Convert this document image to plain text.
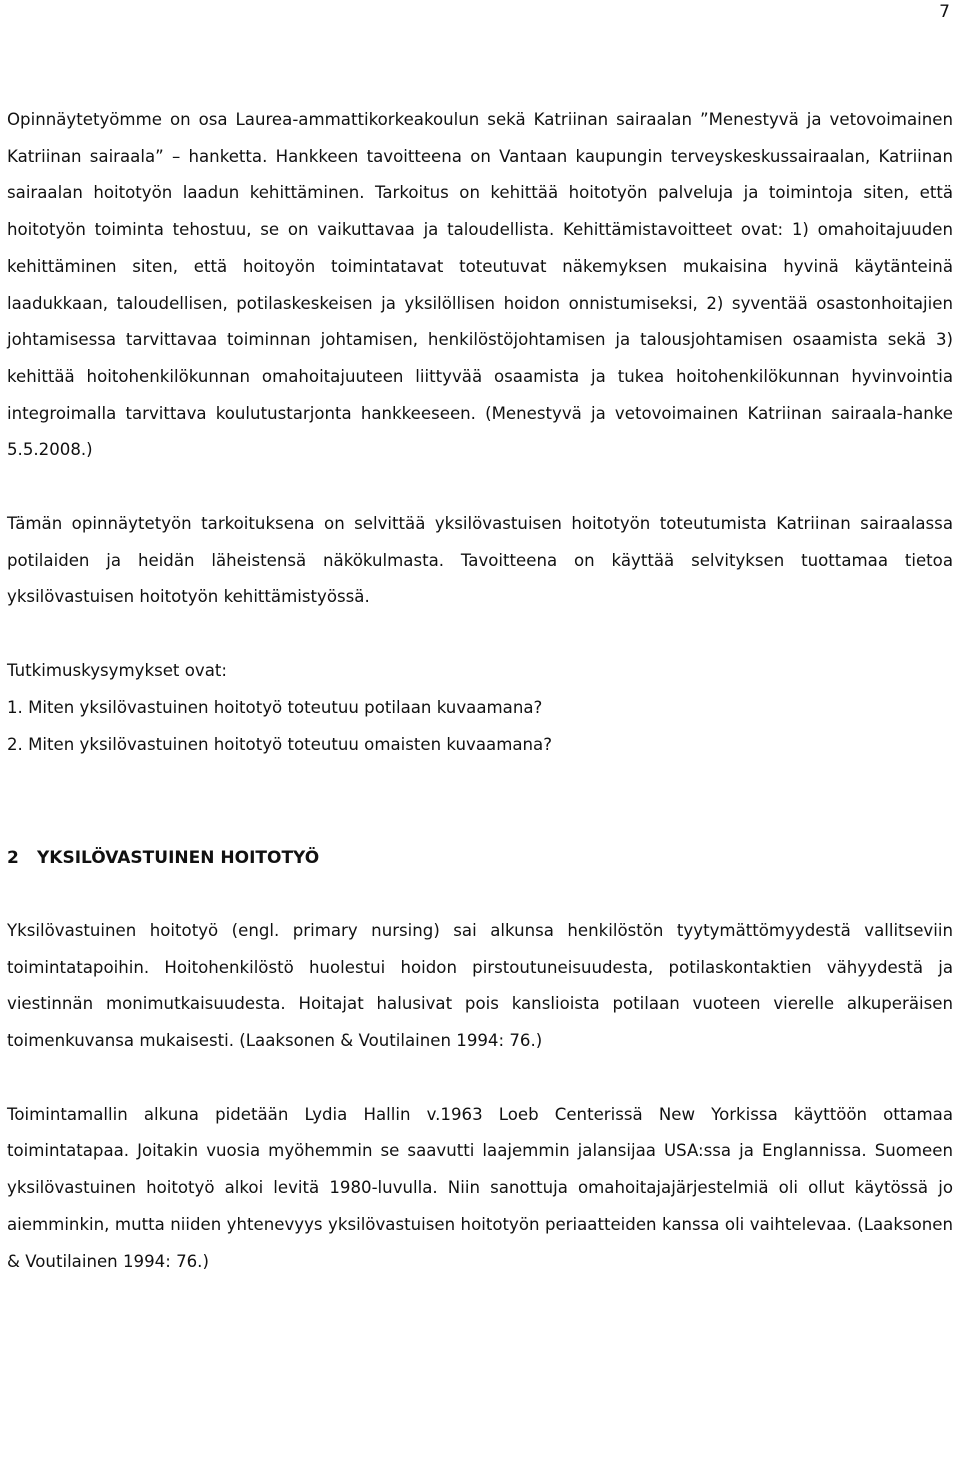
7

Opinnäytetyömme on osa Laurea-ammattikorkeakoulun sekä Katriinan sairaalan ”Menestyvä ja vetovoimainen Katriinan sairaala” – hanketta. Hankkeen tavoitteena on Vantaan kaupungin terveyskeskussairaalan, Katriinan sairaalan hoitotyön laadun kehittäminen. Tarkoitus on kehittää hoitotyön palveluja ja toimintoja siten, että hoitotyön toiminta tehostuu, se on vaikuttavaa ja taloudellista. Kehittämistavoitteet ovat: 1) omahoitajuuden kehittäminen siten, että hoitoyön toimintatavat toteutuvat näkemyksen mukaisina hyvinä käytänteinä laadukkaan, taloudellisen, potilaskeskeisen ja yksilöllisen hoidon onnistumiseksi, 2) syventää osastonhoitajien johtamisessa tarvittavaa toiminnan johtamisen, henkilöstöjohtamisen ja talousjohtamisen osaamista sekä 3) kehittää hoitohenkilökunnan omahoitajuuteen liittyvää osaamista ja tukea hoitohenkilökunnan hyvinvointia integroimalla tarvittava koulutustarjonta hankkeeseen. (Menestyvä ja vetovoimainen Katriinan sairaala-hanke 5.5.2008.)

Tämän opinnäytetyön tarkoituksena on selvittää yksilövastuisen hoitotyön toteutumista Katriinan sairaalassa potilaiden ja heidän läheistensä näkökulmasta. Tavoitteena on käyttää selvityksen tuottamaa tietoa yksilövastuisen hoitotyön kehittämistyössä.

Tutkimuskysymykset ovat:

1. Miten yksilövastuinen hoitotyö toteutuu potilaan kuvaamana?
2. Miten yksilövastuinen hoitotyö toteutuu omaisten kuvaamana?
2 YKSILÖVASTUINEN HOITOTYÖ

Yksilövastuinen hoitotyö (engl. primary nursing) sai alkunsa henkilöstön tyytymättömyydestä vallitseviin toimintatapoihin. Hoitohenkilöstö huolestui hoidon pirstoutuneisuudesta, potilaskontaktien vähyydestä ja viestinnän monimutkaisuudesta. Hoitajat halusivat pois kanslioista potilaan vuoteen vierelle alkuperäisen toimenkuvansa mukaisesti. (Laaksonen & Voutilainen 1994: 76.)

Toimintamallin alkuna pidetään Lydia Hallin v.1963 Loeb Centerissä New Yorkissa käyttöön ottamaa toimintatapaa. Joitakin vuosia myöhemmin se saavutti laajemmin jalansijaa USA:ssa ja Englannissa. Suomeen yksilövastuinen hoitotyö alkoi levitä 1980-luvulla. Niin sanottuja omahoitajajärjestelmiä oli ollut käytössä jo aiemminkin, mutta niiden yhtenevyys yksilövastuisen hoitotyön periaatteiden kanssa oli vaihtelevaa. (Laaksonen & Voutilainen 1994: 76.)
